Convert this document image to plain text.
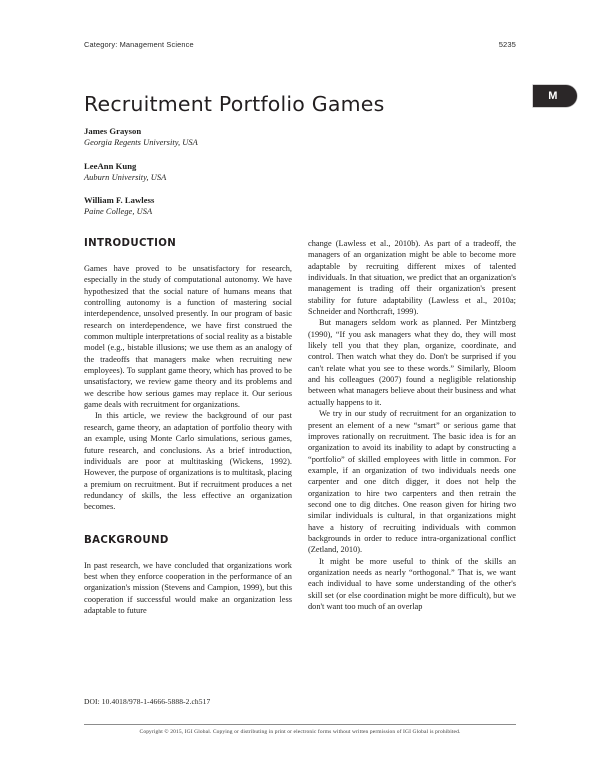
Category: Management Science	5235
Recruitment Portfolio Games	M
James Grayson
Georgia Regents University, USA
LeeAnn Kung
Auburn University, USA
William F. Lawless
Paine College, USA
INTRODUCTION

Games have proved to be unsatisfactory for research, especially in the study of computational autonomy. We have hypothesized that the social nature of humans means that controlling autonomy is a function of mastering social interdependence, unsolved presently. In our program of basic research on interdependence, we have first construed the common multiple interpretations of social reality as a bistable model (e.g., bistable illusions; we use them as an analogy of the tradeoffs that managers make when recruiting new employees). To supplant game theory, which has proved to be unsatisfactory, we review game theory and its problems and we describe how serious games may replace it. Our serious game deals with recruitment for organizations.

In this article, we review the background of our past research, game theory, an adaptation of portfolio theory with an example, using Monte Carlo simulations, serious games, future research, and conclusions. As a brief introduction, individuals are poor at multitasking (Wickens, 1992). However, the purpose of organizations is to multitask, placing a premium on recruitment. But if recruitment produces a net redundancy of skills, the less effective an organization becomes.

BACKGROUND

In past research, we have concluded that organizations work best when they enforce cooperation in the performance of an organization's mission (Stevens and Campion, 1999), but this cooperation if successful would make an organization less adaptable to future

change (Lawless et al., 2010b). As part of a tradeoff, the managers of an organization might be able to become more adaptable by recruiting different mixes of talented individuals. In that situation, we predict that an organization's management is trading off their organization's present stability for future adaptability (Lawless et al., 2010a; Schneider and Northcraft, 1999).

But managers seldom work as planned. Per Mintzberg (1990), “If you ask managers what they do, they will most likely tell you that they plan, organize, coordinate, and control. Then watch what they do. Don't be surprised if you can't relate what you see to these words.” Similarly, Bloom and his colleagues (2007) found a negligible relationship between what managers believe about their business and what actually happens to it.

We try in our study of recruitment for an organization to present an element of a new “smart” or serious game that improves rationally on recruitment. The basic idea is for an organization to avoid its inability to adapt by constructing a “portfolio” of skilled employees with little in common. For example, if an organization of two individuals needs one carpenter and one ditch digger, it does not help the organization to hire two carpenters and then retrain the second one to dig ditches. One reason given for hiring two similar individuals is cultural, in that organizations might have a history of recruiting individuals with common backgrounds in order to reduce intra-organizational conflict (Zetland, 2010).

It might be more useful to think of the skills an organization needs as nearly “orthogonal.” That is, we want each individual to have some understanding of the other's skill set (or else coordination might be more difficult), but we don't want too much of an overlap

DOI: 10.4018/978-1-4666-5888-2.ch517
Copyright © 2015, IGI Global. Copying or distributing in print or electronic forms without written permission of IGI Global is prohibited.
